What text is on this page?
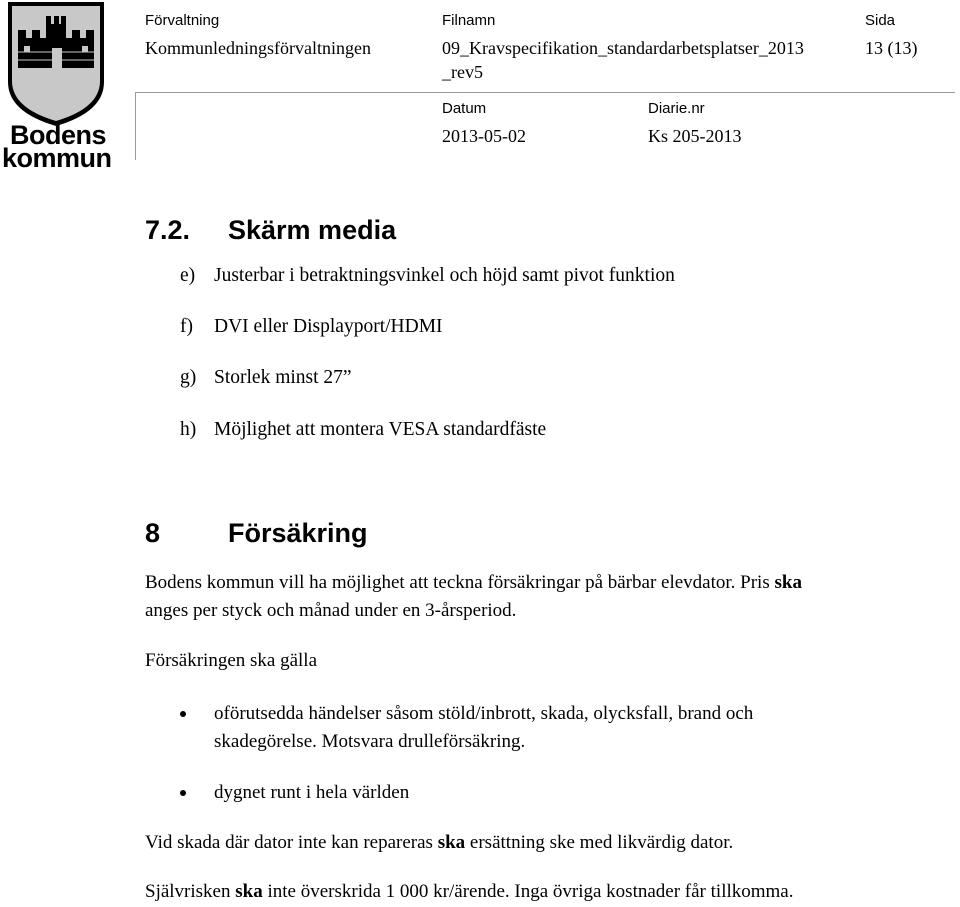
Bodens
kommun
Förvaltning	Filnamn	Sida
Kommunledningsförvaltningen	09_Kravspecifikation_standardarbetsplatser_2013
_rev5
13 (13)
Datum	Diarie.nr
2013-05-02	Ks 205-2013
7.2. Skärm media
e) Justerbar i betraktningsvinkel och höjd samt pivot funktion
f) DVI eller Displayport/HDMI
g) Storlek minst 27”
h) Möjlighet att montera VESA standardfäste
8	Försäkring
Bodens kommun vill ha möjlighet att teckna försäkringar på bärbar elevdator. Pris ska
anges per styck och månad under en 3-årsperiod.
Försäkringen ska gälla
oförutsedda händelser såsom stöld/inbrott, skada, olycksfall, brand och
skadegörelse. Motsvara drulleförsäkring.
dygnet runt i hela världen
Vid skada där dator inte kan repareras ska ersättning ske med likvärdig dator.
Självrisken ska inte överskrida 1 000 kr/ärende. Inga övriga kostnader får tillkomma.
